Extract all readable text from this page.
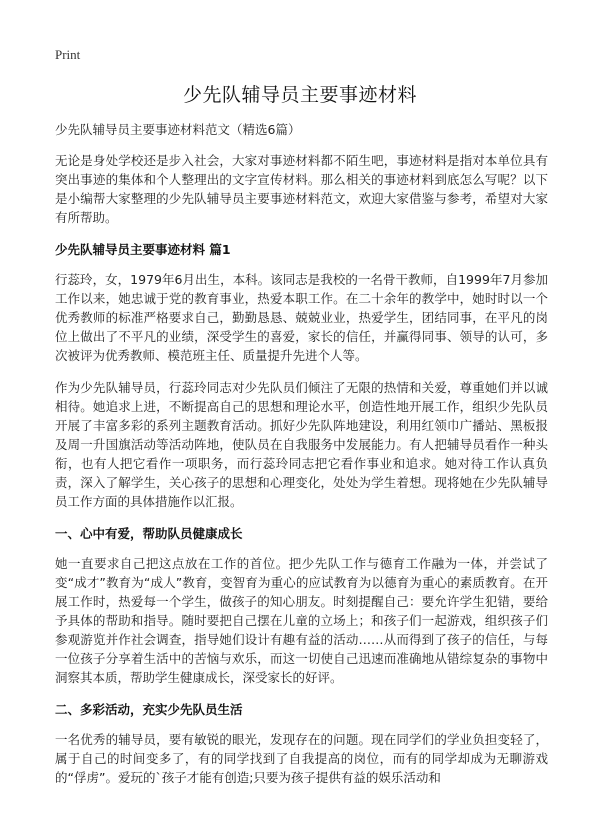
Print
少先队辅导员主要事迹材料

少先队辅导员主要事迹材料范文（精选6篇）

无论是身处学校还是步入社会，大家对事迹材料都不陌生吧，事迹材料是指对本单位具有突出事迹的集体和个人整理出的文字宣传材料。那么相关的事迹材料到底怎么写呢？以下是小编帮大家整理的少先队辅导员主要事迹材料范文，欢迎大家借鉴与参考，希望对大家有所帮助。

少先队辅导员主要事迹材料 篇1

行蕊玲，女，1979年6月出生，本科。该同志是我校的一名骨干教师，自1999年7月参加工作以来，她忠诚于党的教育事业，热爱本职工作。在二十余年的教学中，她时时以一个优秀教师的标准严格要求自己，勤勤恳恳、兢兢业业，热爱学生，团结同事，在平凡的岗位上做出了不平凡的业绩，深受学生的喜爱，家长的信任，并赢得同事、领导的认可，多次被评为优秀教师、模范班主任、质量提升先进个人等。

作为少先队辅导员，行蕊玲同志对少先队员们倾注了无限的热情和关爱，尊重她们并以诚相待。她追求上进，不断提高自己的思想和理论水平，创造性地开展工作，组织少先队员开展了丰富多彩的系列主题教育活动。抓好少先队阵地建设，利用红领巾广播站、黑板报及周一升国旗活动等活动阵地，使队员在自我服务中发展能力。有人把辅导员看作一种头衔，也有人把它看作一项职务，而行蕊玲同志把它看作事业和追求。她对待工作认真负责，深入了解学生，关心孩子的思想和心理变化，处处为学生着想。现将她在少先队辅导员工作方面的具体措施作以汇报。

一、心中有爱，帮助队员健康成长

她一直要求自己把这点放在工作的首位。把少先队工作与德育工作融为一体，并尝试了变“成才”教育为“成人”教育，变智育为重心的应试教育为以德育为重心的素质教育。在开展工作时，热爱每一个学生，做孩子的知心朋友。时刻提醒自己：要允许学生犯错，要给予具体的帮助和指导。随时要把自己摆在儿童的立场上；和孩子们一起游戏，组织孩子们参观游览并作社会调查，指导她们设计有趣有益的活动……从而得到了孩子的信任，与每一位孩子分享着生活中的苦恼与欢乐，而这一切使自己迅速而准确地从错综复杂的事物中洞察其本质，帮助学生健康成长，深受家长的好评。

二、多彩活动，充实少先队员生活

一名优秀的辅导员，要有敏锐的眼光，发现存在的问题。现在同学们的学业负担变轻了，属于自己的时间变多了，有的同学找到了自我提高的岗位，而有的同学却成为无聊游戏的“俘虏”。爱玩的`孩子才能有创造;只要为孩子提供有益的娱乐活动和
